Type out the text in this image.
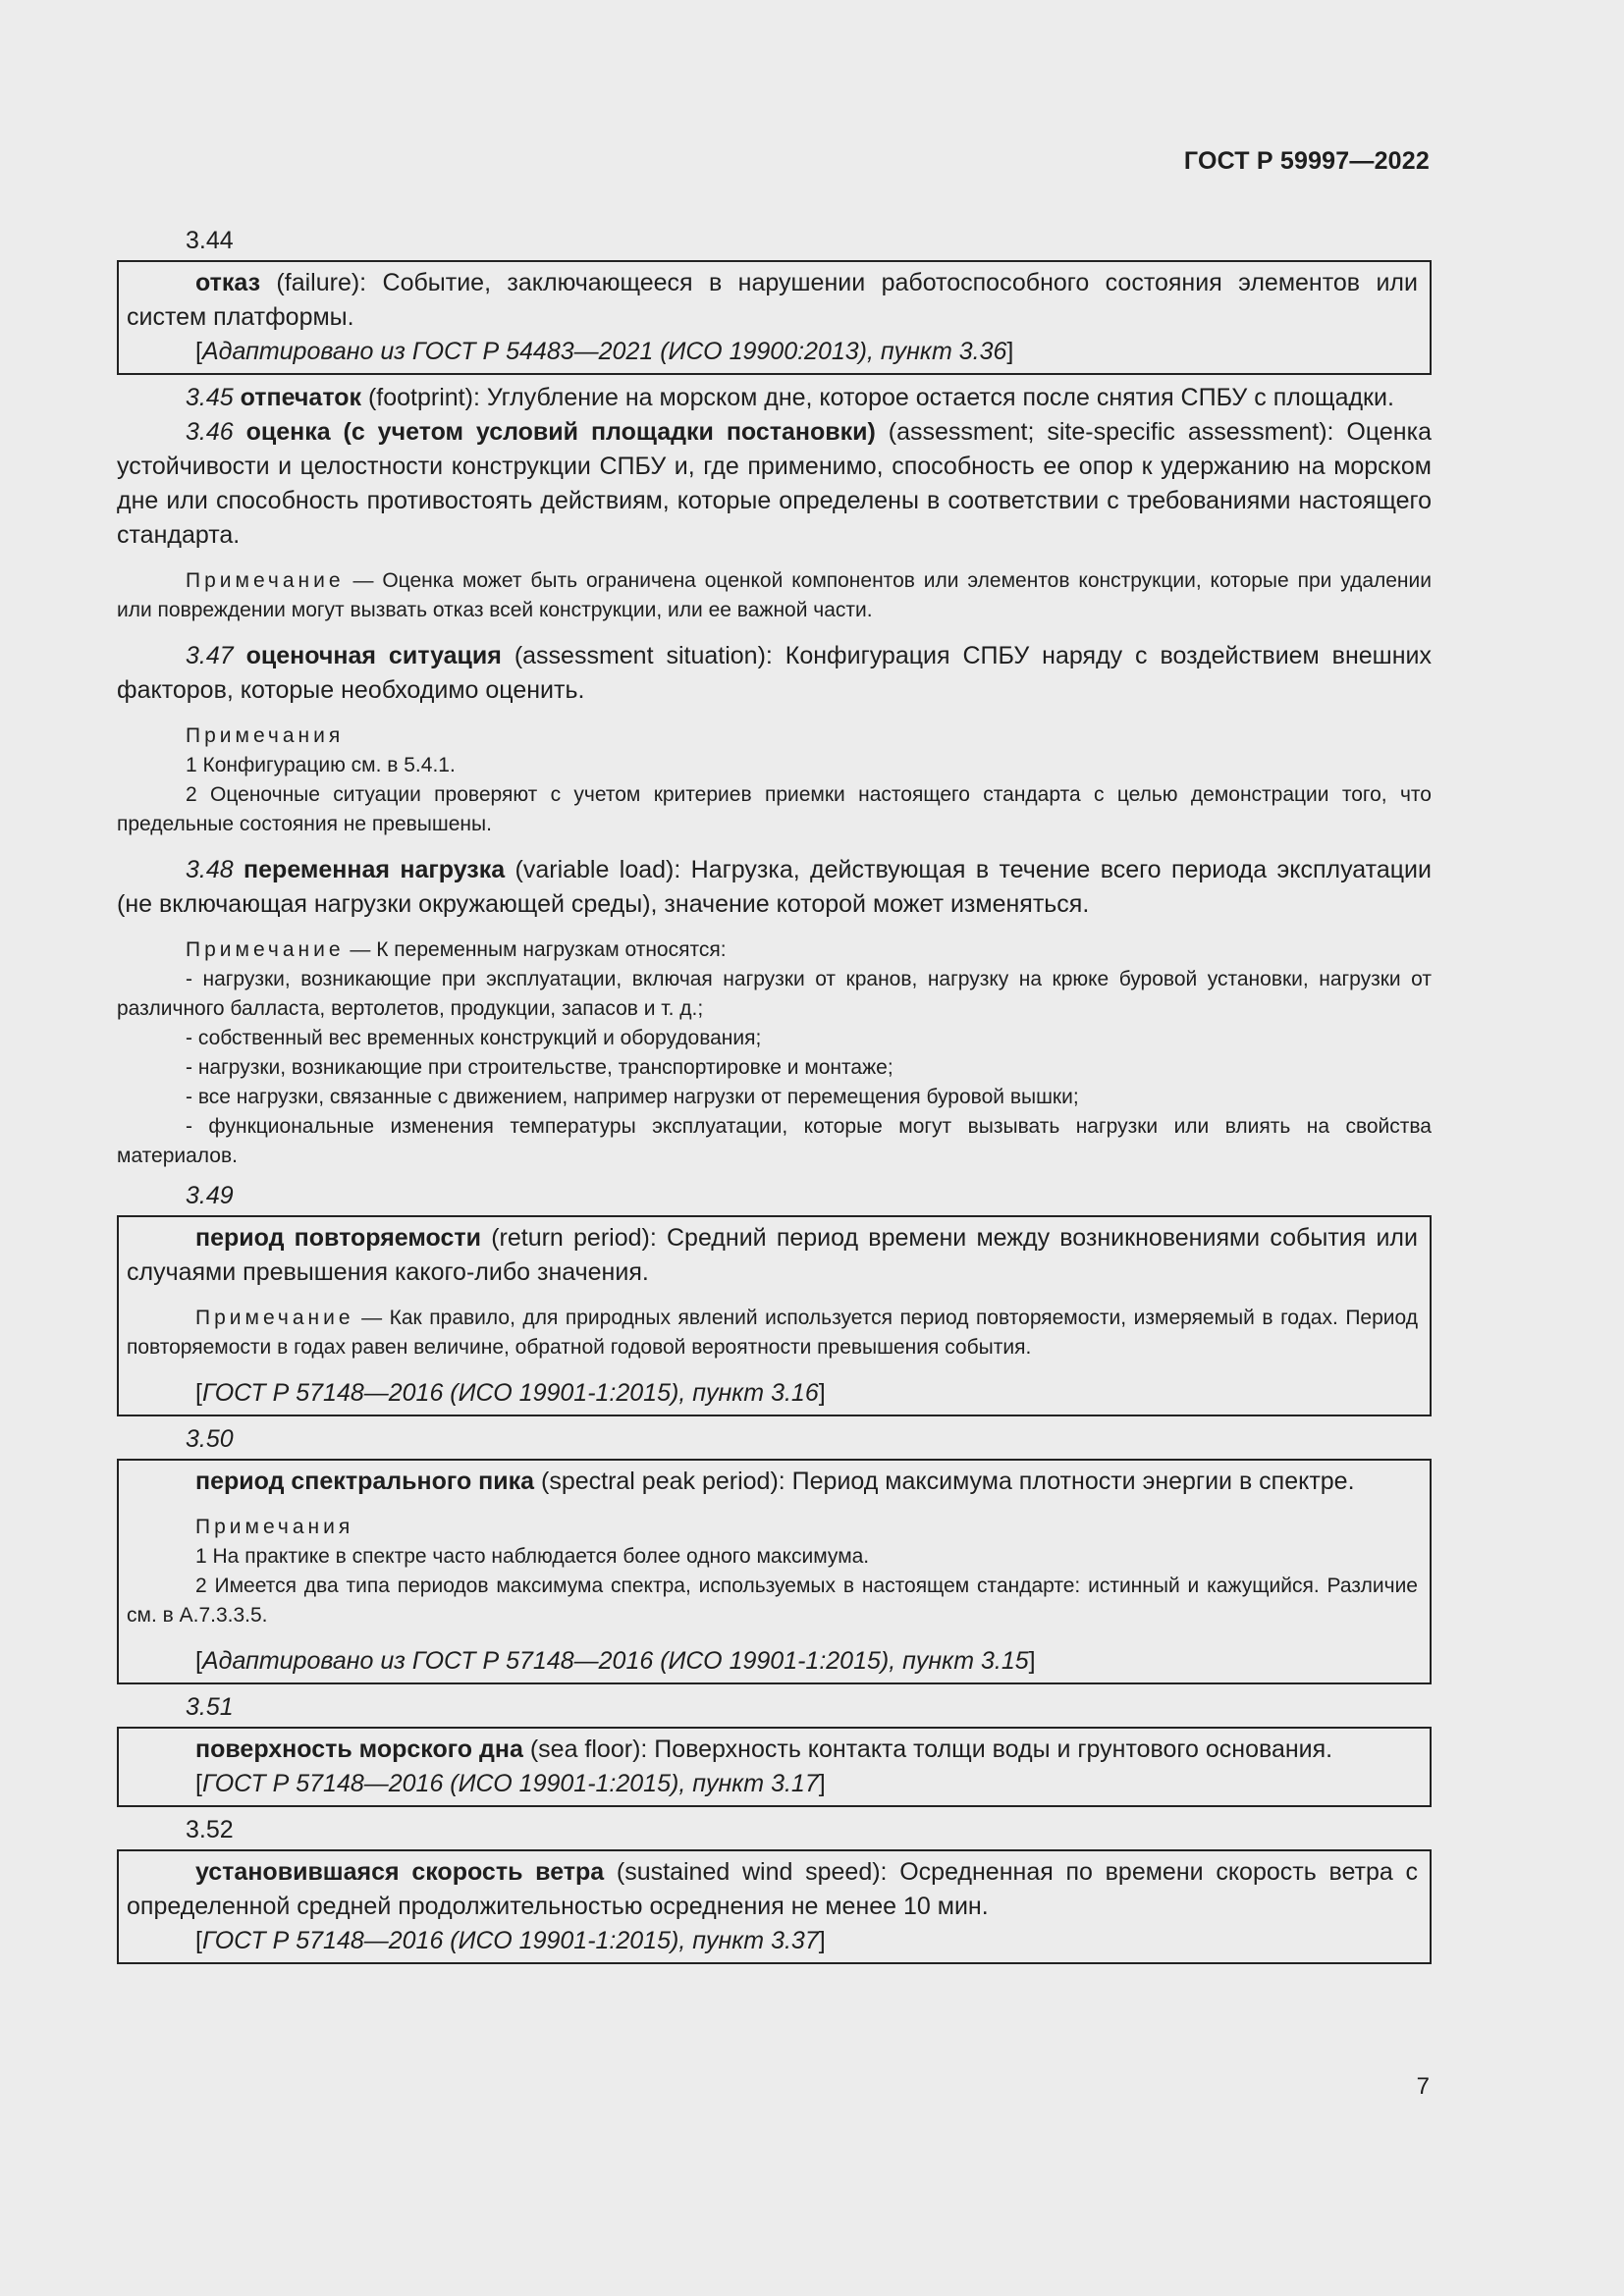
ГОСТ Р 59997—2022
3.44

отказ (failure): Событие, заключающееся в нарушении работоспособного состояния элементов или систем платформы.

[Адаптировано из ГОСТ Р 54483—2021 (ИСО 19900:2013), пункт 3.36]

3.45 отпечаток (footprint): Углубление на морском дне, которое остается после снятия СПБУ с площадки.

3.46 оценка (с учетом условий площадки постановки) (assessment; site-specific assessment): Оценка устойчивости и целостности конструкции СПБУ и, где применимо, способность ее опор к удержанию на морском дне или способность противостоять действиям, которые определены в соответствии с требованиями настоящего стандарта.

Примечание — Оценка может быть ограничена оценкой компонентов или элементов конструкции, которые при удалении или повреждении могут вызвать отказ всей конструкции, или ее важной части.

3.47 оценочная ситуация (assessment situation): Конфигурация СПБУ наряду с воздействием внешних факторов, которые необходимо оценить.

Примечания

1 Конфигурацию см. в 5.4.1.

2 Оценочные ситуации проверяют с учетом критериев приемки настоящего стандарта с целью демонстрации того, что предельные состояния не превышены.

3.48 переменная нагрузка (variable load): Нагрузка, действующая в течение всего периода эксплуатации (не включающая нагрузки окружающей среды), значение которой может изменяться.

Примечание — К переменным нагрузкам относятся:

- нагрузки, возникающие при эксплуатации, включая нагрузки от кранов, нагрузку на крюке буровой установки, нагрузки от различного балласта, вертолетов, продукции, запасов и т. д.;

- собственный вес временных конструкций и оборудования;

- нагрузки, возникающие при строительстве, транспортировке и монтаже;

- все нагрузки, связанные с движением, например нагрузки от перемещения буровой вышки;

- функциональные изменения температуры эксплуатации, которые могут вызывать нагрузки или влиять на свойства материалов.

3.49

период повторяемости (return period): Средний период времени между возникновениями события или случаями превышения какого-либо значения.

Примечание — Как правило, для природных явлений используется период повторяемости, измеряемый в годах. Период повторяемости в годах равен величине, обратной годовой вероятности превышения события.

[ГОСТ Р 57148—2016 (ИСО 19901-1:2015), пункт 3.16]
3.50

период спектрального пика (spectral peak period): Период максимума плотности энергии в спектре.

Примечания

1 На практике в спектре часто наблюдается более одного максимума.

2 Имеется два типа периодов максимума спектра, используемых в настоящем стандарте: истинный и кажущийся. Различие см. в А.7.3.3.5.

[Адаптировано из ГОСТ Р 57148—2016 (ИСО 19901-1:2015), пункт 3.15]
3.51

поверхность морского дна (sea floor): Поверхность контакта толщи воды и грунтового основания.

[ГОСТ Р 57148—2016 (ИСО 19901-1:2015), пункт 3.17]
3.52

установившаяся скорость ветра (sustained wind speed): Осредненная по времени скорость ветра с определенной средней продолжительностью осреднения не менее 10 мин.

[ГОСТ Р 57148—2016 (ИСО 19901-1:2015), пункт 3.37]
7
